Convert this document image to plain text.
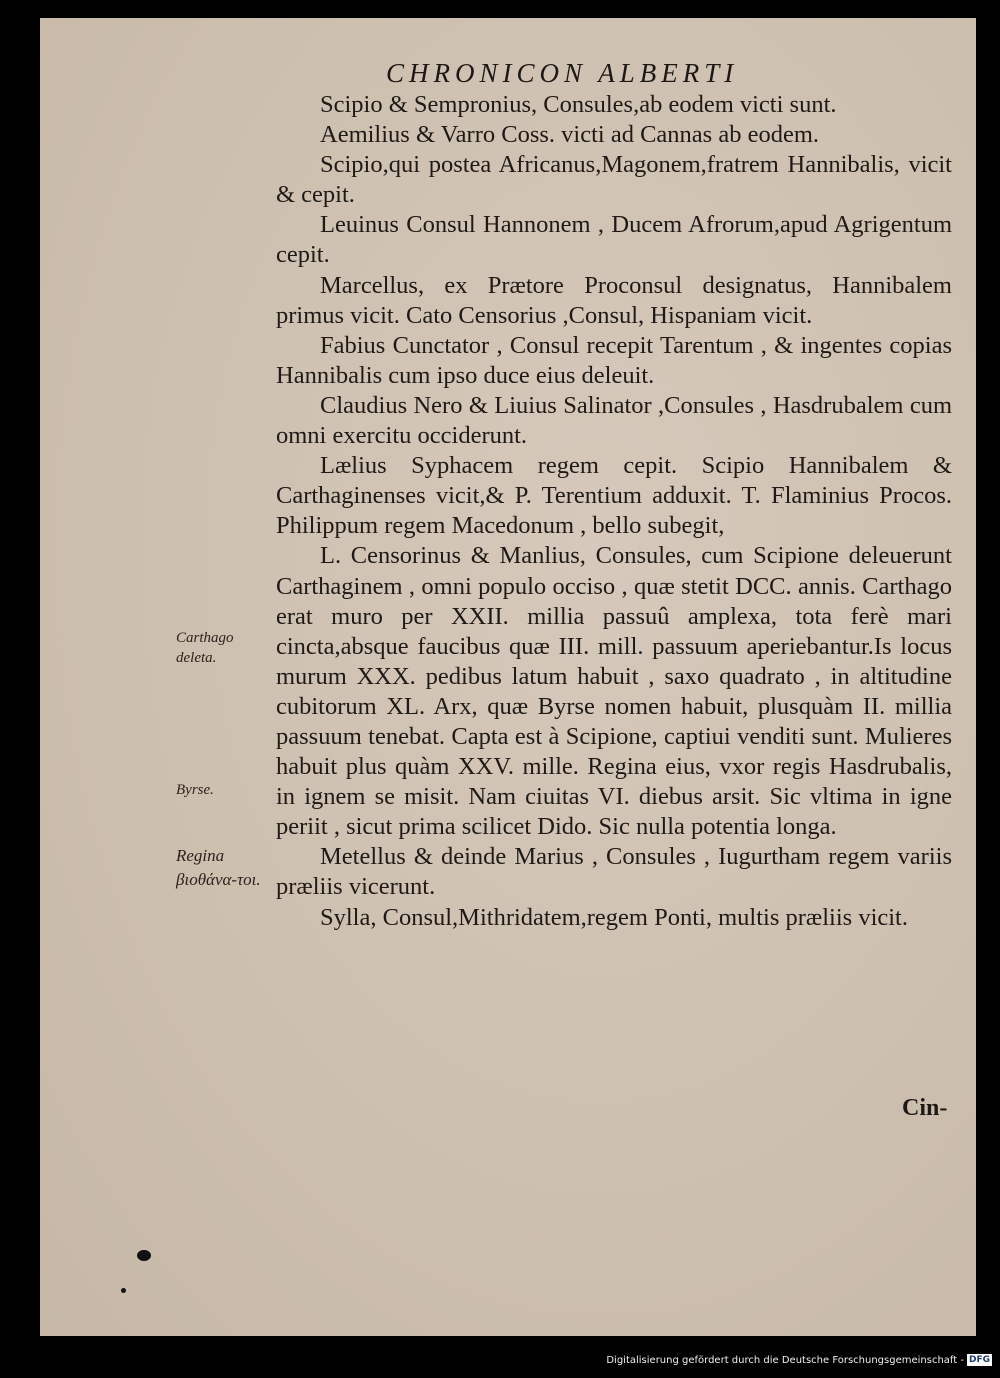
CHRONICON ALBERTI

Scipio & Sempronius, Consules,ab eodem victi sunt.

Aemilius & Varro Coss. victi ad Cannas ab eodem.

Scipio,qui postea Africanus,Magonem,fratrem Hannibalis, vicit & cepit.

Leuinus Consul Hannonem , Ducem Afrorum,apud Agrigentum cepit.

Marcellus, ex Prætore Proconsul designatus, Hannibalem primus vicit. Cato Censorius ,Consul, Hispaniam vicit.

Fabius Cunctator , Consul recepit Tarentum , & ingentes copias Hannibalis cum ipso duce eius deleuit.

Claudius Nero & Liuius Salinator ,Consules , Hasdrubalem cum omni exercitu occiderunt.

Lælius Syphacem regem cepit. Scipio Hannibalem & Carthaginenses vicit,& P. Terentium adduxit. T. Flaminius Procos. Philippum regem Macedonum , bello subegit,

L. Censorinus & Manlius, Consules, cum Scipione deleuerunt Carthaginem , omni populo occiso , quæ stetit DCC. annis. Carthago erat muro per XXII. millia passuû amplexa, tota ferè mari cincta,absque faucibus quæ III. mill. passuum aperiebantur.Is locus murum XXX. pedibus latum habuit , saxo quadrato , in altitudine cubitorum XL. Arx, quæ Byrse nomen habuit, plusquàm II. millia passuum tenebat. Capta est à Scipione, captiui venditi sunt. Mulieres habuit plus quàm XXV. mille. Regina eius, vxor regis Hasdrubalis, in ignem se misit. Nam ciuitas VI. diebus arsit. Sic vltima in igne periit , sicut prima scilicet Dido. Sic nulla potentia longa.

Metellus & deinde Marius , Consules , Iugurtham regem variis præliis vicerunt.

Sylla, Consul,Mithridatem,regem Ponti, multis præliis vicit.

Carthago deleta.
Byrse.
Regina βιοθάνα-τοι.
Cin-
Digitalisierung gefördert durch die Deutsche Forschungsgemeinschaft - DFG
